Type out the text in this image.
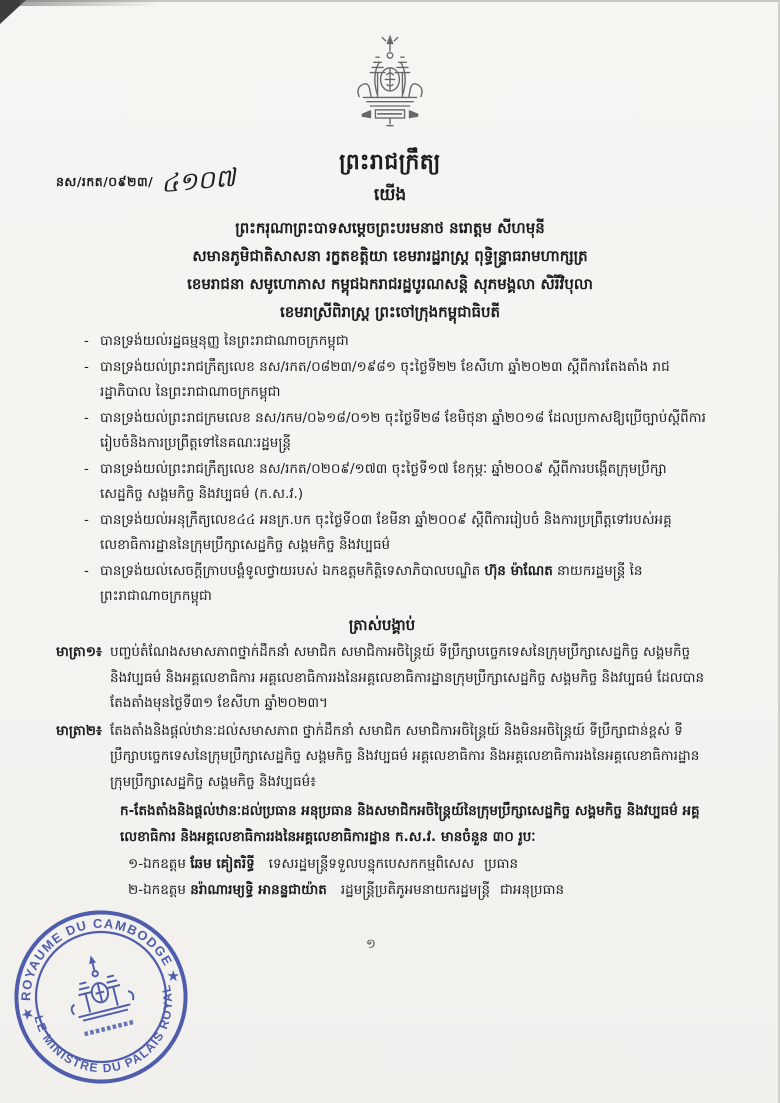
នស/រកត/០៩២៣/ ៤១០៧
ព្រះរាជក្រឹត្យ
យើង
ព្រះករុណាព្រះបាទសម្តេចព្រះបរមនាថ នរោត្តម សីហមុនី
សមានភូមិជាតិសាសនា រក្ខតខត្តិយា ខេមរារដ្ឋរាស្ត្រ ពុទ្ធិន្ទ្រាធរាមហាក្សត្រ
ខេមរាជនា សមូហោភាស កម្ពុជឯករាជរដ្ឋបូរណសន្តិ សុភមង្គលា សិរីវិបុលា
ខេមរាស្រីពិរាស្ត្រ ព្រះចៅក្រុងកម្ពុជាធិបតី
- បានទ្រង់យល់រដ្ឋធម្មនុញ្ញ នៃព្រះរាជាណាចក្រកម្ពុជា
- បានទ្រង់យល់ព្រះរាជក្រឹត្យលេខ នស/រកត/០៨២៣/១៩៨១ ចុះថ្ងៃទី២២ ខែសីហា ឆ្នាំ២០២៣ ស្តីពីការតែងតាំង រាជរដ្ឋាភិបាល នៃព្រះរាជាណាចក្រកម្ពុជា
- បានទ្រង់យល់ព្រះរាជក្រមលេខ នស/រកម/០៦១៨/០១២ ចុះថ្ងៃទី២៨ ខែមិថុនា ឆ្នាំ២០១៨ ដែលប្រកាសឱ្យប្រើច្បាប់ស្តីពីការរៀបចំនិងការប្រព្រឹត្តទៅនៃគណៈរដ្ឋមន្ត្រី
- បានទ្រង់យល់ព្រះរាជក្រឹត្យលេខ នស/រកត/០២០៩/១៧៣ ចុះថ្ងៃទី១៧ ខែកុម្ភៈ ឆ្នាំ២០០៩ ស្តីពីការបង្កើតក្រុមប្រឹក្សាសេដ្ឋកិច្ច សង្គមកិច្ច និងវប្បធម៌ (ក.ស.វ.)
- បានទ្រង់យល់អនុក្រឹត្យលេខ៤៤ អនក្រ.បក ចុះថ្ងៃទី០៣ ខែមីនា ឆ្នាំ២០០៩ ស្តីពីការរៀបចំ និងការប្រព្រឹត្តទៅរបស់អគ្គលេខាធិការដ្ឋាននៃក្រុមប្រឹក្សាសេដ្ឋកិច្ច សង្គមកិច្ច និងវប្បធម៌
- បានទ្រង់យល់សេចក្តីក្រាបបង្គំទូលថ្វាយរបស់ ឯកឧត្តមកិត្តិទេសាភិបាលបណ្ឌិត ហ៊ុន ម៉ាណែត នាយករដ្ឋមន្ត្រី នៃព្រះរាជាណាចក្រកម្ពុជា
ត្រាស់បង្គាប់
មាត្រា១៖ បញ្ចប់តំណែងសមាសភាពថ្នាក់ដឹកនាំ សមាជិក សមាជិកាអចិន្ត្រៃយ៍ ទីប្រឹក្សាបច្ចេកទេសនៃក្រុមប្រឹក្សាសេដ្ឋកិច្ច សង្គមកិច្ច និងវប្បធម៌ និងអគ្គលេខាធិការ អគ្គលេខាធិការរងនៃអគ្គលេខាធិការដ្ឋានក្រុមប្រឹក្សាសេដ្ឋកិច្ច សង្គមកិច្ច និងវប្បធម៌ ដែលបានតែងតាំងមុនថ្ងៃទី៣១ ខែសីហា ឆ្នាំ២០២៣។
មាត្រា២៖ តែងតាំងនិងផ្តល់ឋានៈដល់សមាសភាព ថ្នាក់ដឹកនាំ សមាជិក សមាជិកាអចិន្ត្រៃយ៍ និងមិនអចិន្ត្រៃយ៍ ទីប្រឹក្សាជាន់ខ្ពស់ ទីប្រឹក្សាបច្ចេកទេសនៃក្រុមប្រឹក្សាសេដ្ឋកិច្ច សង្គមកិច្ច និងវប្បធម៌ អគ្គលេខាធិការ និងអគ្គលេខាធិការរងនៃអគ្គលេខាធិការដ្ឋានក្រុមប្រឹក្សាសេដ្ឋកិច្ច សង្គមកិច្ច និងវប្បធម៌៖
ក-តែងតាំងនិងផ្តល់ឋានៈដល់ប្រធាន អនុប្រធាន និងសមាជិកអចិន្ត្រៃយ៍នៃក្រុមប្រឹក្សាសេដ្ឋកិច្ច សង្គមកិច្ច និងវប្បធម៌ អគ្គលេខាធិការ និងអគ្គលេខាធិការរងនៃអគ្គលេខាធិការដ្ឋាន ក.ស.វ. មានចំនួន ៣០ រូបៈ
១-ឯកឧត្តម ឆែម គៀតរិទ្ធី ទេសរដ្ឋមន្ត្រីទទួលបន្ទុកបេសកកម្មពិសេស ប្រធាន
២-ឯកឧត្តម នរ៉ាណារម្យទ្ធិ អានន្ទជាយ៉ាត រដ្ឋមន្ត្រីប្រតិភូអមនាយករដ្ឋមន្ត្រី ជាអនុប្រធាន
១
★ ROYAUME DU CAMBODGE ★
LE MINISTRE DU PALAIS ROYAL
